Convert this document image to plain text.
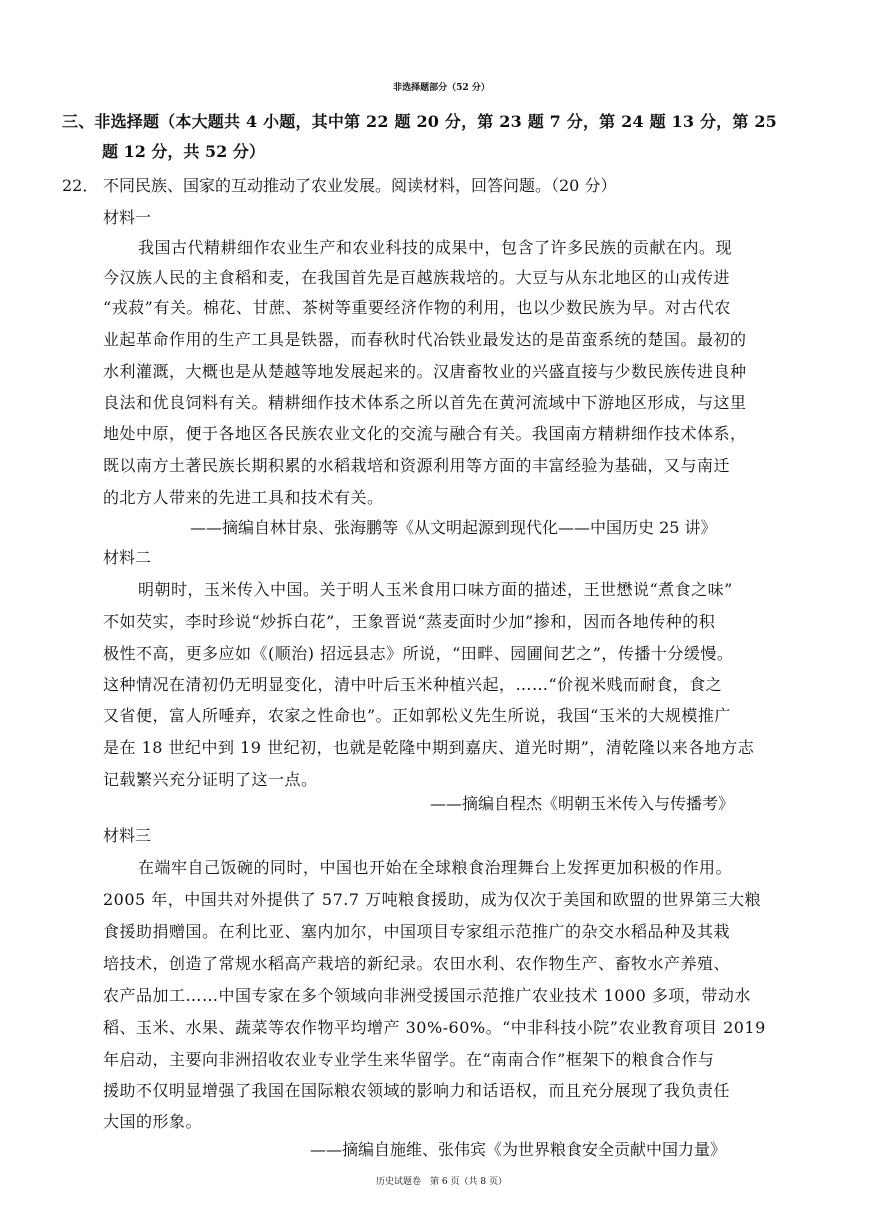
非选择题部分（52 分）
三、非选择题（本大题共 4 小题，其中第 22 题 20 分，第 23 题 7 分，第 24 题 13 分，第 25
题 12 分，共 52 分）
22． 不同民族、国家的互动推动了农业发展。阅读材料，回答问题。（20 分）
材料一
我国古代精耕细作农业生产和农业科技的成果中，包含了许多民族的贡献在内。现
今汉族人民的主食稻和麦，在我国首先是百越族栽培的。大豆与从东北地区的山戎传进
“戎菽”有关。棉花、甘蔗、茶树等重要经济作物的利用，也以少数民族为早。对古代农
业起革命作用的生产工具是铁器，而春秋时代冶铁业最发达的是苗蛮系统的楚国。最初的
水利灌溉，大概也是从楚越等地发展起来的。汉唐畜牧业的兴盛直接与少数民族传进良种
良法和优良饲料有关。精耕细作技术体系之所以首先在黄河流域中下游地区形成，与这里
地处中原，便于各地区各民族农业文化的交流与融合有关。我国南方精耕细作技术体系，
既以南方土著民族长期积累的水稻栽培和资源利用等方面的丰富经验为基础，又与南迁
的北方人带来的先进工具和技术有关。
——摘编自林甘泉、张海鹏等《从文明起源到现代化——中国历史 25 讲》
材料二
明朝时，玉米传入中国。关于明人玉米食用口味方面的描述，王世懋说“煮食之味”
不如芡实，李时珍说“炒拆白花”，王象晋说“蒸麦面时少加”掺和，因而各地传种的积
极性不高，更多应如《(顺治) 招远县志》所说，“田畔、园圃间艺之”，传播十分缓慢。
这种情况在清初仍无明显变化，清中叶后玉米种植兴起，……“价视米贱而耐食，食之
又省便，富人所唾弃，农家之性命也”。正如郭松义先生所说，我国“玉米的大规模推广
是在 18 世纪中到 19 世纪初，也就是乾隆中期到嘉庆、道光时期”，清乾隆以来各地方志
记载繁兴充分证明了这一点。
——摘编自程杰《明朝玉米传入与传播考》
材料三
在端牢自己饭碗的同时，中国也开始在全球粮食治理舞台上发挥更加积极的作用。
2005 年，中国共对外提供了 57.7 万吨粮食援助，成为仅次于美国和欧盟的世界第三大粮
食援助捐赠国。在利比亚、塞内加尔，中国项目专家组示范推广的杂交水稻品种及其栽
培技术，创造了常规水稻高产栽培的新纪录。农田水利、农作物生产、畜牧水产养殖、
农产品加工……中国专家在多个领域向非洲受援国示范推广农业技术 1000 多项，带动水
稻、玉米、水果、蔬菜等农作物平均增产 30%-60%。“中非科技小院”农业教育项目 2019
年启动，主要向非洲招收农业专业学生来华留学。在“南南合作”框架下的粮食合作与
援助不仅明显增强了我国在国际粮农领域的影响力和话语权，而且充分展现了我负责任
大国的形象。
——摘编自施维、张伟宾《为世界粮食安全贡献中国力量》
历史试题卷　第 6 页（共 8 页）
